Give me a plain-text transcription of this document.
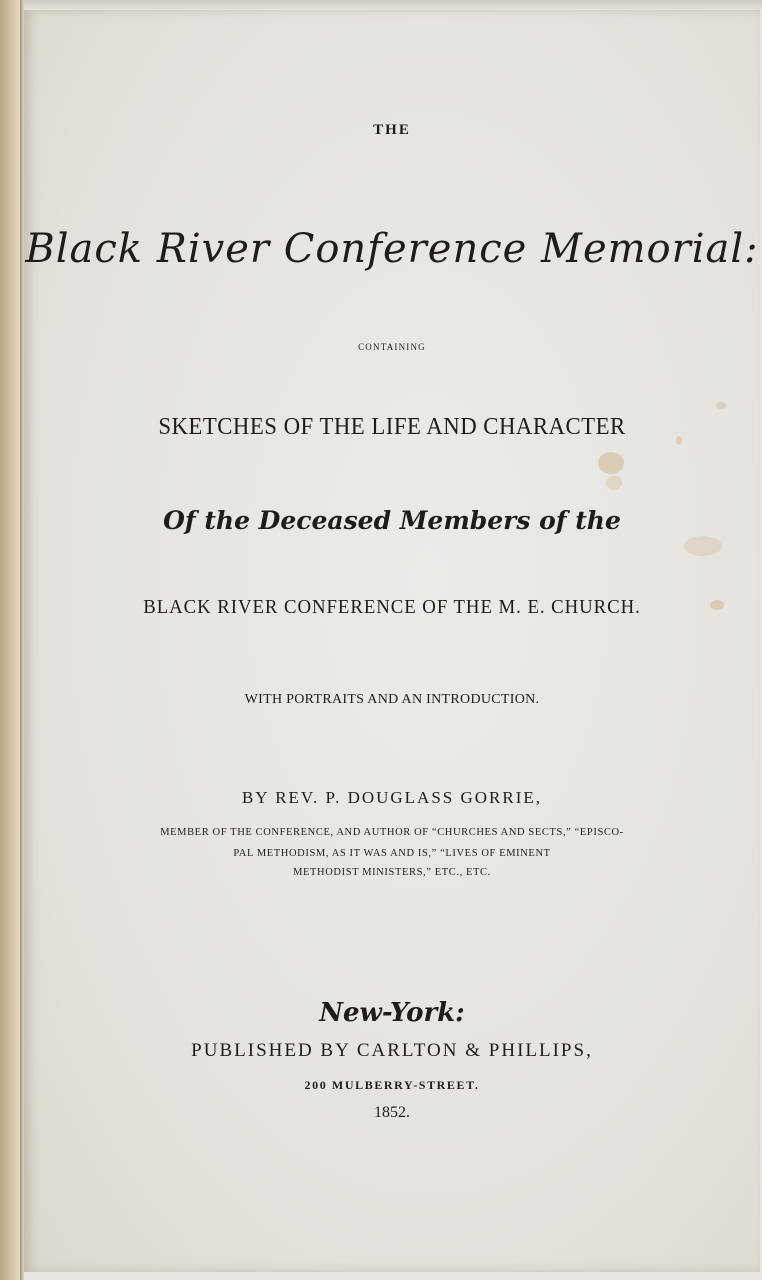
THE
Black River Conference Memorial:
CONTAINING
SKETCHES OF THE LIFE AND CHARACTER
Of the Deceased Members of the
BLACK RIVER CONFERENCE OF THE M. E. CHURCH.
WITH PORTRAITS AND AN INTRODUCTION.
BY REV. P. DOUGLASS GORRIE,
MEMBER OF THE CONFERENCE, AND AUTHOR OF “CHURCHES AND SECTS,” “EPISCO-
PAL METHODISM, AS IT WAS AND IS,” “LIVES OF EMINENT
METHODIST MINISTERS,” ETC., ETC.
New-York:
PUBLISHED BY CARLTON & PHILLIPS,
200 MULBERRY-STREET.
1852.
